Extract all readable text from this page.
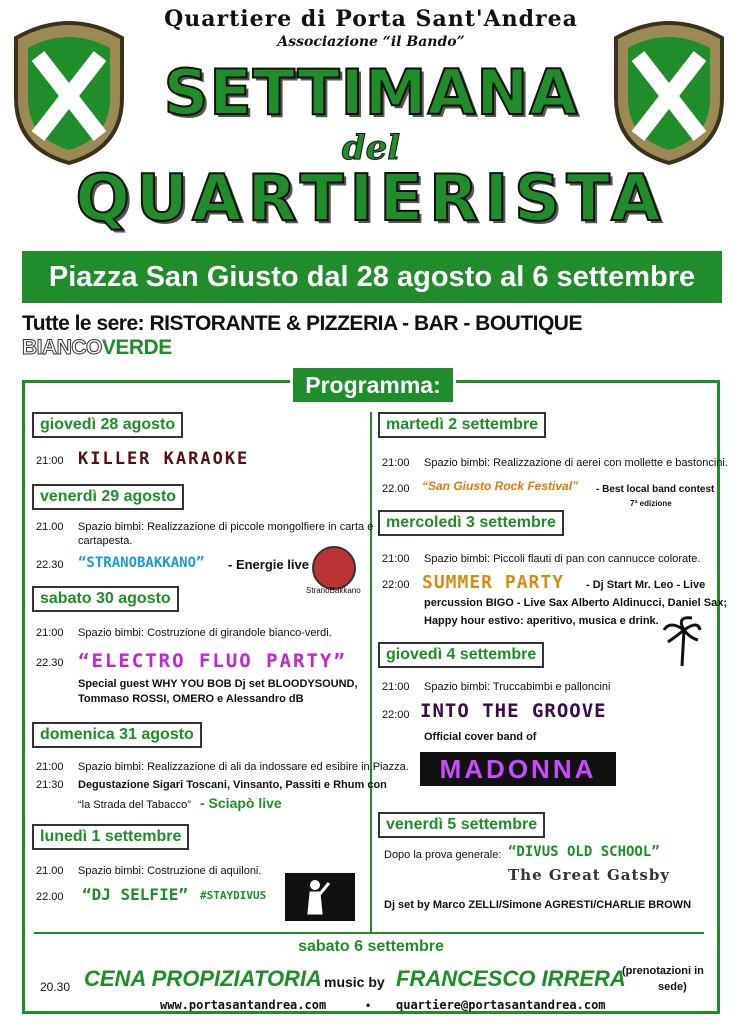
Quartiere di Porta Sant'Andrea
Associazione “il Bando”
SETTIMANA
del
QUARTIERISTA
Piazza San Giusto dal 28 agosto al 6 settembre
Tutte le sere: RISTORANTE & PIZZERIA - BAR - BOUTIQUE BIANCOVERDE
Programma:
giovedì 28 agosto
21:00 KILLER KARAOKE
venerdì 29 agosto
21.00 Spazio bimbi: Realizzazione di piccole mongolfiere in carta e
cartapesta.
22.30 “STRANOBAKKANO” - Energie live
StranoBakkano
sabato 30 agosto
21:00 Spazio bimbi: Costruzione di girandole bianco-verdi.
22.30 “ELECTRO FLUO PARTY”
Special guest WHY YOU BOB Dj set BLOODYSOUND,
Tommaso ROSSI, OMERO e Alessandro dB
domenica 31 agosto
21:00 Spazio bimbi: Realizzazione di ali da indossare ed esibire in Piazza.
21:30 Degustazione Sigari Toscani, Vinsanto, Passiti e Rhum con
“la Strada del Tabacco” - Sciapò live
lunedì 1 settembre
21.00 Spazio bimbi: Costruzione di aquiloni.
22.00 “DJ SELFIE” #STAYDIVUS
martedì 2 settembre
21:00 Spazio bimbi: Realizzazione di aerei con mollette e bastoncini.
22.00 “San Giusto Rock Festival” - Best local band contest
7ª edizione
mercoledì 3 settembre
21:00 Spazio bimbi: Piccoli flauti di pan con cannucce colorate.
22:00 SUMMER PARTY - Dj Start Mr. Leo - Live
percussion BIGO - Live Sax Alberto Aldinucci, Daniel Sax;
Happy hour estivo: aperitivo, musica e drink.
giovedì 4 settembre
21:00 Spazio bimbi: Truccabimbi e palloncini
22:00 INTO THE GROOVE
Official cover band of
MADONNA
venerdì 5 settembre
Dopo la prova generale: “DIVUS OLD SCHOOL”
The Great Gatsby
Dj set by Marco ZELLI/Simone AGRESTI/CHARLIE BROWN
sabato 6 settembre
20.30 CENA PROPIZIATORIA music by FRANCESCO IRRERA
(prenotazioni in
sede)
www.portasantandrea.com	• quartiere@portasantandrea.com
